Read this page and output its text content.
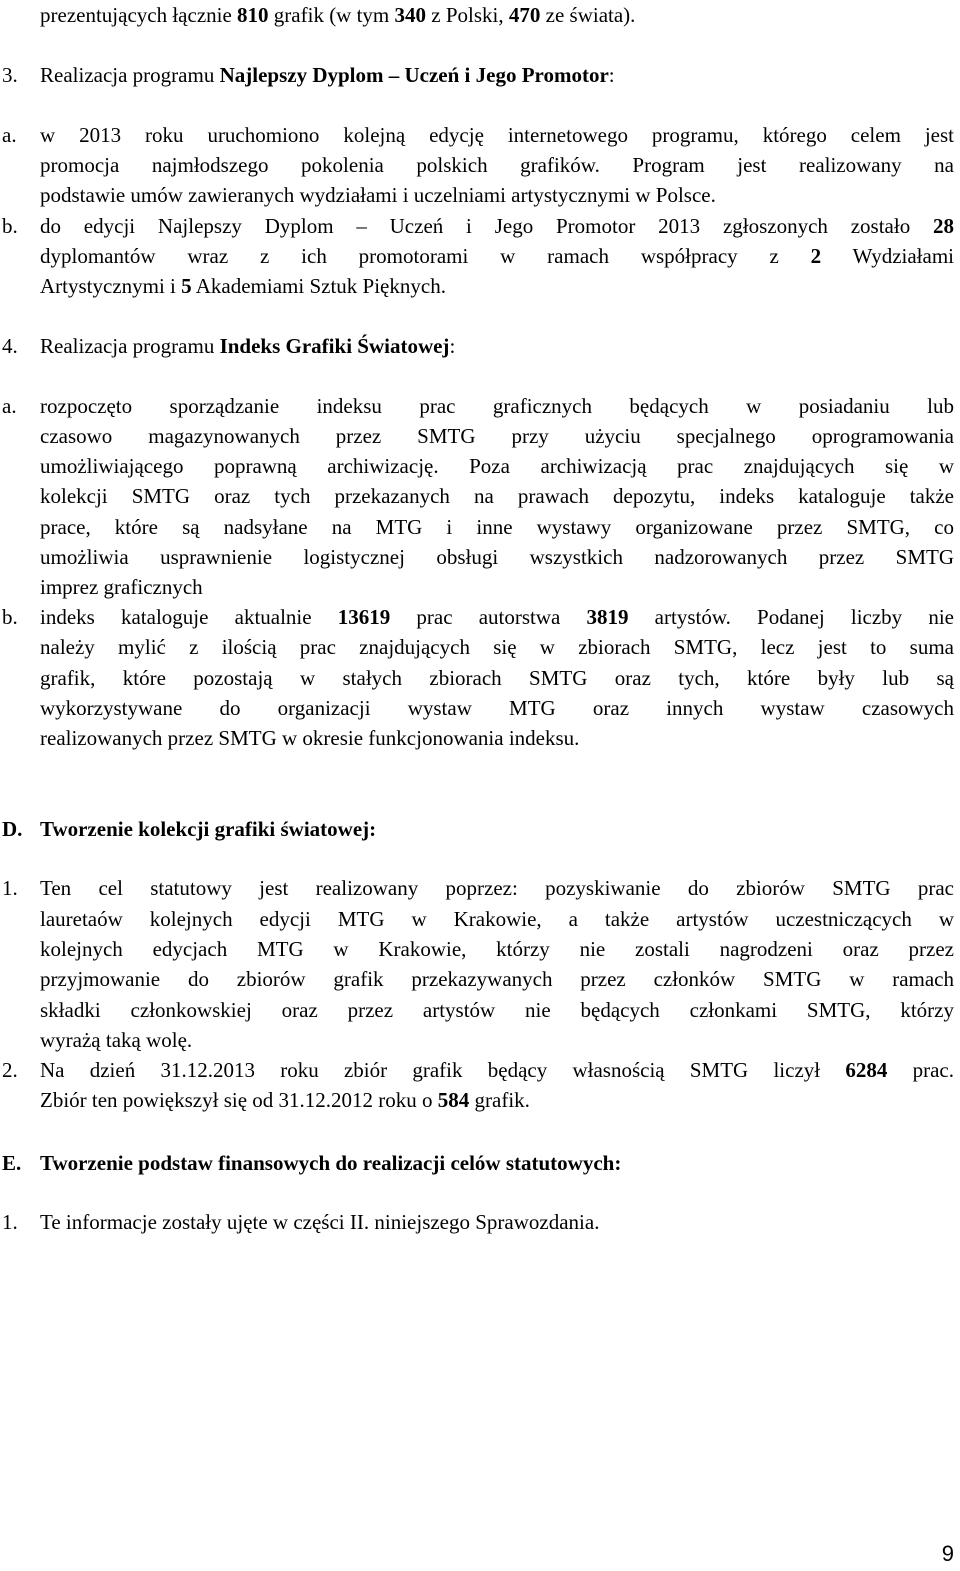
prezentujących łącznie 810 grafik (w tym 340 z Polski, 470 ze świata).
3. Realizacja programu Najlepszy Dyplom – Uczeń i Jego Promotor:
a. w 2013 roku uruchomiono kolejną edycję internetowego programu, którego celem jest
promocja najmłodszego pokolenia polskich grafików. Program jest realizowany na
podstawie umów zawieranych wydziałami i uczelniami artystycznymi w Polsce.
b. do edycji Najlepszy Dyplom – Uczeń i Jego Promotor 2013 zgłoszonych zostało 28
dyplomantów wraz z ich promotorami w ramach współpracy z 2 Wydziałami
Artystycznymi i 5 Akademiami Sztuk Pięknych.
4. Realizacja programu Indeks Grafiki Światowej:
a. rozpoczęto sporządzanie indeksu prac graficznych będących w posiadaniu lub
czasowo magazynowanych przez SMTG przy użyciu specjalnego oprogramowania
umożliwiającego poprawną archiwizację. Poza archiwizacją prac znajdujących się w
kolekcji SMTG oraz tych przekazanych na prawach depozytu, indeks kataloguje także
prace, które są nadsyłane na MTG i inne wystawy organizowane przez SMTG, co
umożliwia usprawnienie logistycznej obsługi wszystkich nadzorowanych przez SMTG
imprez graficznych
b. indeks kataloguje aktualnie 13619 prac autorstwa 3819 artystów. Podanej liczby nie
należy mylić z ilością prac znajdujących się w zbiorach SMTG, lecz jest to suma
grafik, które pozostają w stałych zbiorach SMTG oraz tych, które były lub są
wykorzystywane do organizacji wystaw MTG oraz innych wystaw czasowych
realizowanych przez SMTG w okresie funkcjonowania indeksu.
D. Tworzenie kolekcji grafiki światowej:
1. Ten cel statutowy jest realizowany poprzez: pozyskiwanie do zbiorów SMTG prac
lauretaów kolejnych edycji MTG w Krakowie, a także artystów uczestniczących w
kolejnych edycjach MTG w Krakowie, którzy nie zostali nagrodzeni oraz przez
przyjmowanie do zbiorów grafik przekazywanych przez członków SMTG w ramach
składki członkowskiej oraz przez artystów nie będących członkami SMTG, którzy
wyrażą taką wolę.
2. Na dzień 31.12.2013 roku zbiór grafik będący własnością SMTG liczył 6284 prac.
Zbiór ten powiększył się od 31.12.2012 roku o 584 grafik.
E. Tworzenie podstaw finansowych do realizacji celów statutowych:
1. Te informacje zostały ujęte w części II. niniejszego Sprawozdania.
9
